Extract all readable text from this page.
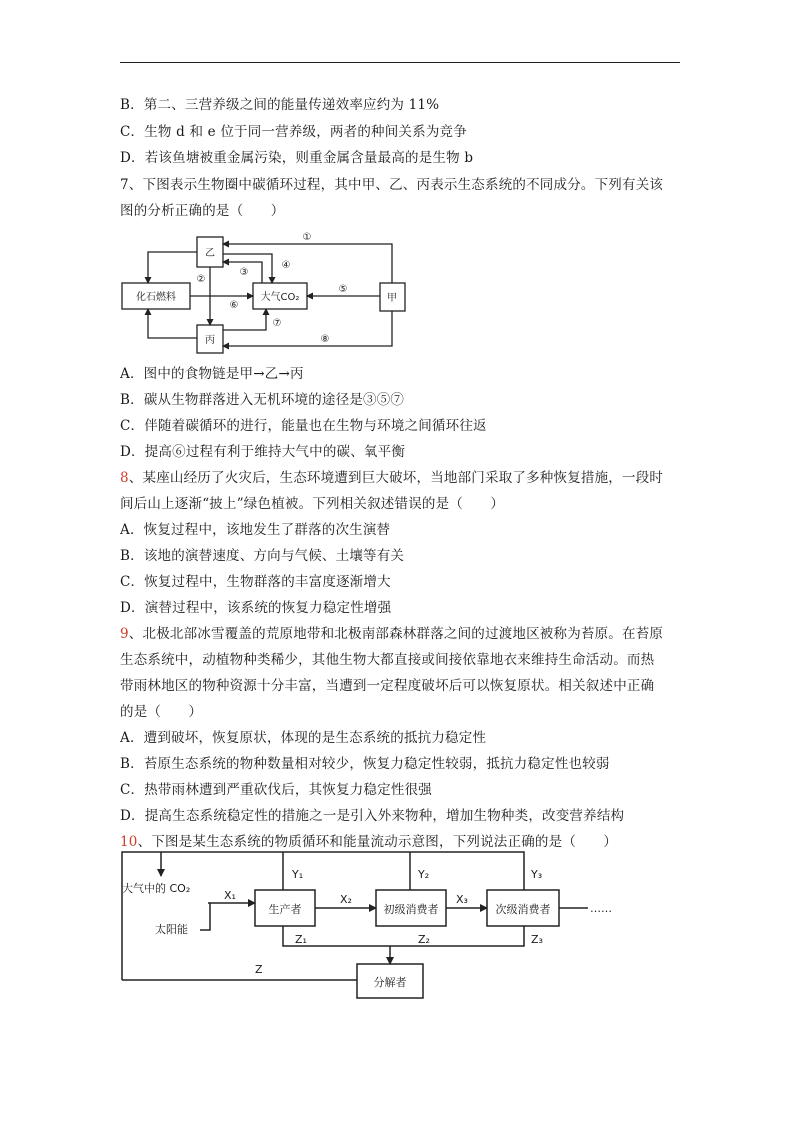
B．第二、三营养级之间的能量传递效率应约为 11%
C．生物 d 和 e 位于同一营养级，两者的种间关系为竞争
D．若该鱼塘被重金属污染，则重金属含量最高的是生物 b
7、下图表示生物圈中碳循环过程，其中甲、乙、丙表示生态系统的不同成分。下列有关该
图的分析正确的是（　　）
乙
丙
化石燃料	大气CO₂	甲
①
②
③
④
⑤
⑥
⑦
⑧
A．图中的食物链是甲→乙→丙
B．碳从生物群落进入无机环境的途径是③⑤⑦
C．伴随着碳循环的进行，能量也在生物与环境之间循环往返
D．提高⑥过程有利于维持大气中的碳、氧平衡
8、某座山经历了火灾后，生态环境遭到巨大破坏，当地部门采取了多种恢复措施，一段时
间后山上逐渐“披上”绿色植被。下列相关叙述错误的是（　　）
A．恢复过程中，该地发生了群落的次生演替
B．该地的演替速度、方向与气候、土壤等有关
C．恢复过程中，生物群落的丰富度逐渐增大
D．演替过程中，该系统的恢复力稳定性增强
9、北极北部冰雪覆盖的荒原地带和北极南部森林群落之间的过渡地区被称为苔原。在苔原
生态系统中，动植物种类稀少，其他生物大都直接或间接依靠地衣来维持生命活动。而热
带雨林地区的物种资源十分丰富，当遭到一定程度破坏后可以恢复原状。相关叙述中正确
的是（　　）
A．遭到破坏，恢复原状，体现的是生态系统的抵抗力稳定性
B．苔原生态系统的物种数量相对较少，恢复力稳定性较弱，抵抗力稳定性也较弱
C．热带雨林遭到严重砍伐后，其恢复力稳定性很强
D．提高生态系统稳定性的措施之一是引入外来物种，增加生物种类，改变营养结构
10、下图是某生态系统的物质循环和能量流动示意图，下列说法正确的是（　　）
大气中的 CO₂
太阳能
生产者	初级消费者	次级消费者
分解者
X₁	X₂	X₃
Y₁	Y₂	Y₃
Z₁	Z₂	Z₃
Z
……
